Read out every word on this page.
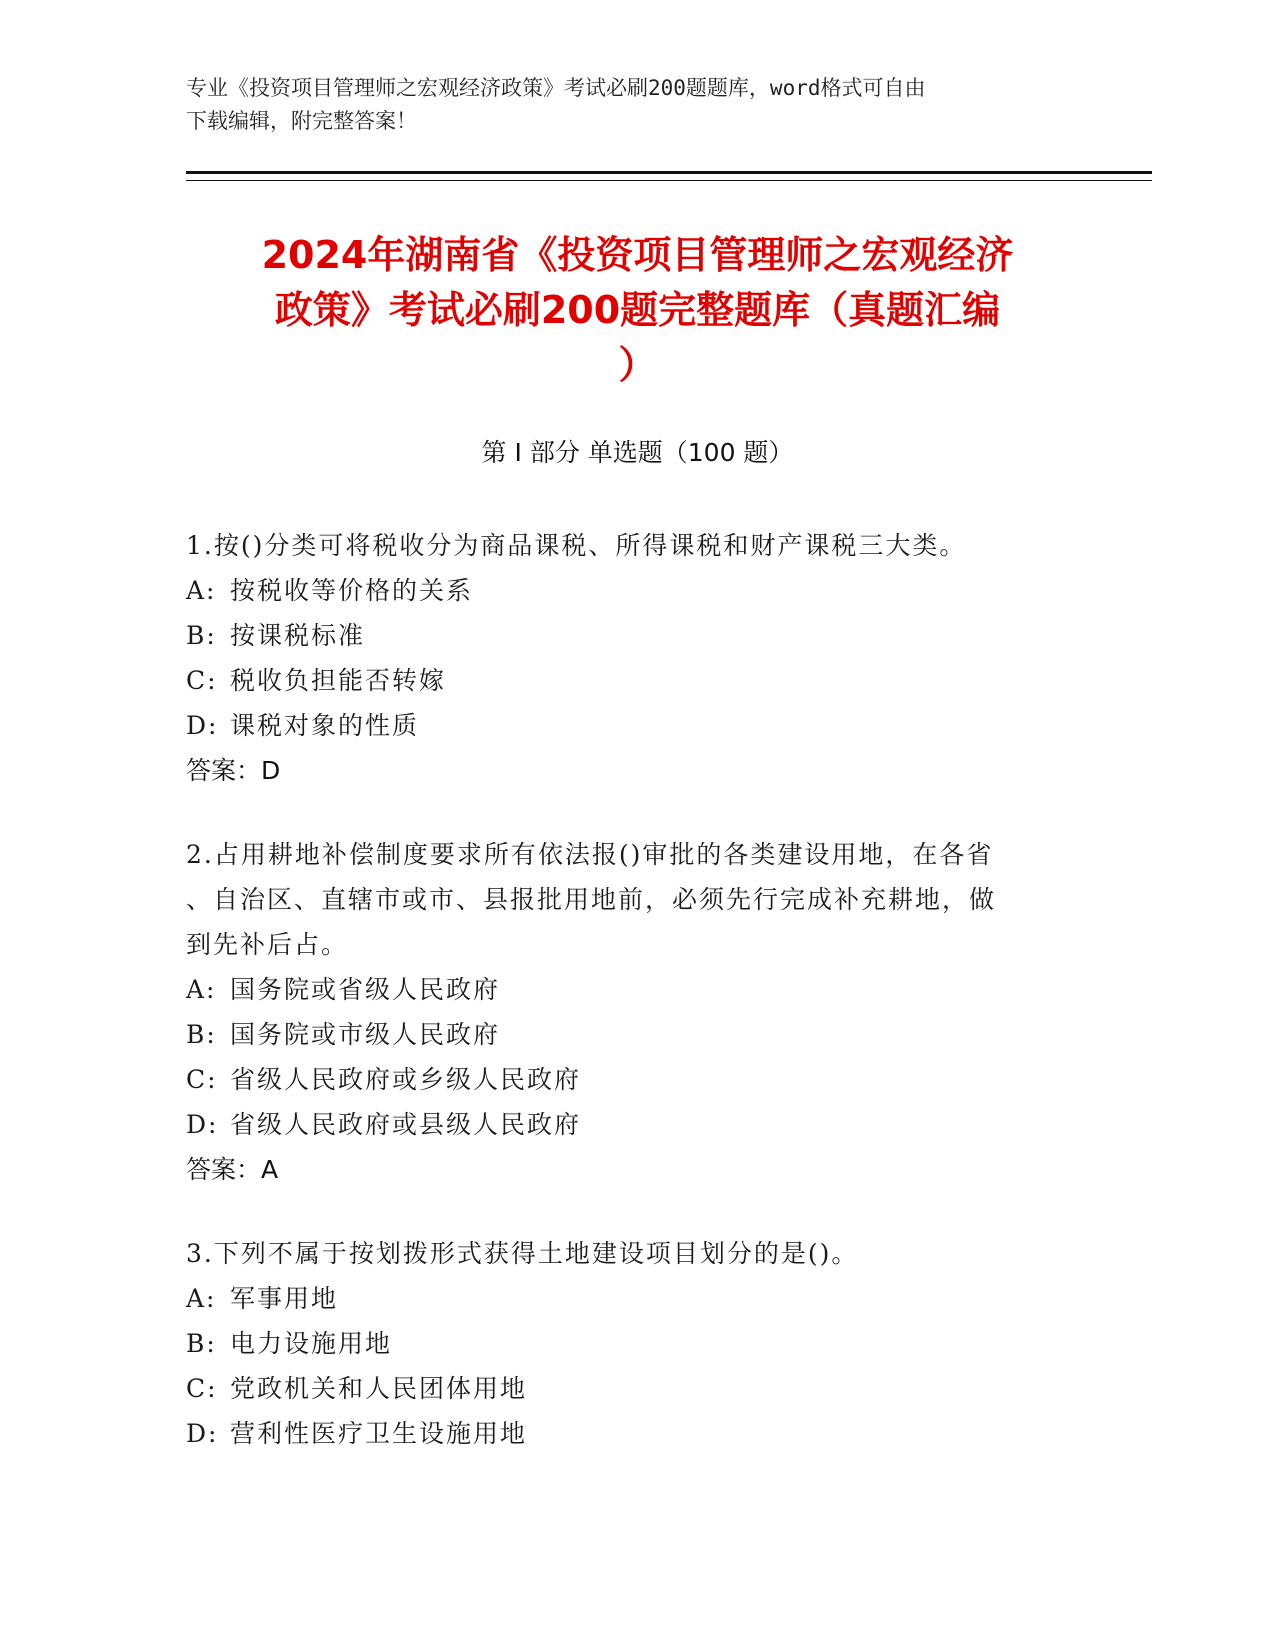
专业《投资项目管理师之宏观经济政策》考试必刷200题题库，word格式可自由
下载编辑，附完整答案！
2024年湖南省《投资项目管理师之宏观经济
政策》考试必刷200题完整题库（真题汇编
）
第 I 部分 单选题（100 题）

1.按()分类可将税收分为商品课税、所得课税和财产课税三大类。

A: 按税收等价格的关系

B: 按课税标准

C: 税收负担能否转嫁

D: 课税对象的性质

答案：D

2.占用耕地补偿制度要求所有依法报()审批的各类建设用地，在各省

、自治区、直辖市或市、县报批用地前，必须先行完成补充耕地，做

到先补后占。

A: 国务院或省级人民政府

B: 国务院或市级人民政府

C: 省级人民政府或乡级人民政府

D: 省级人民政府或县级人民政府

答案：A

3.下列不属于按划拨形式获得土地建设项目划分的是()。

A: 军事用地

B: 电力设施用地

C: 党政机关和人民团体用地

D: 营利性医疗卫生设施用地
